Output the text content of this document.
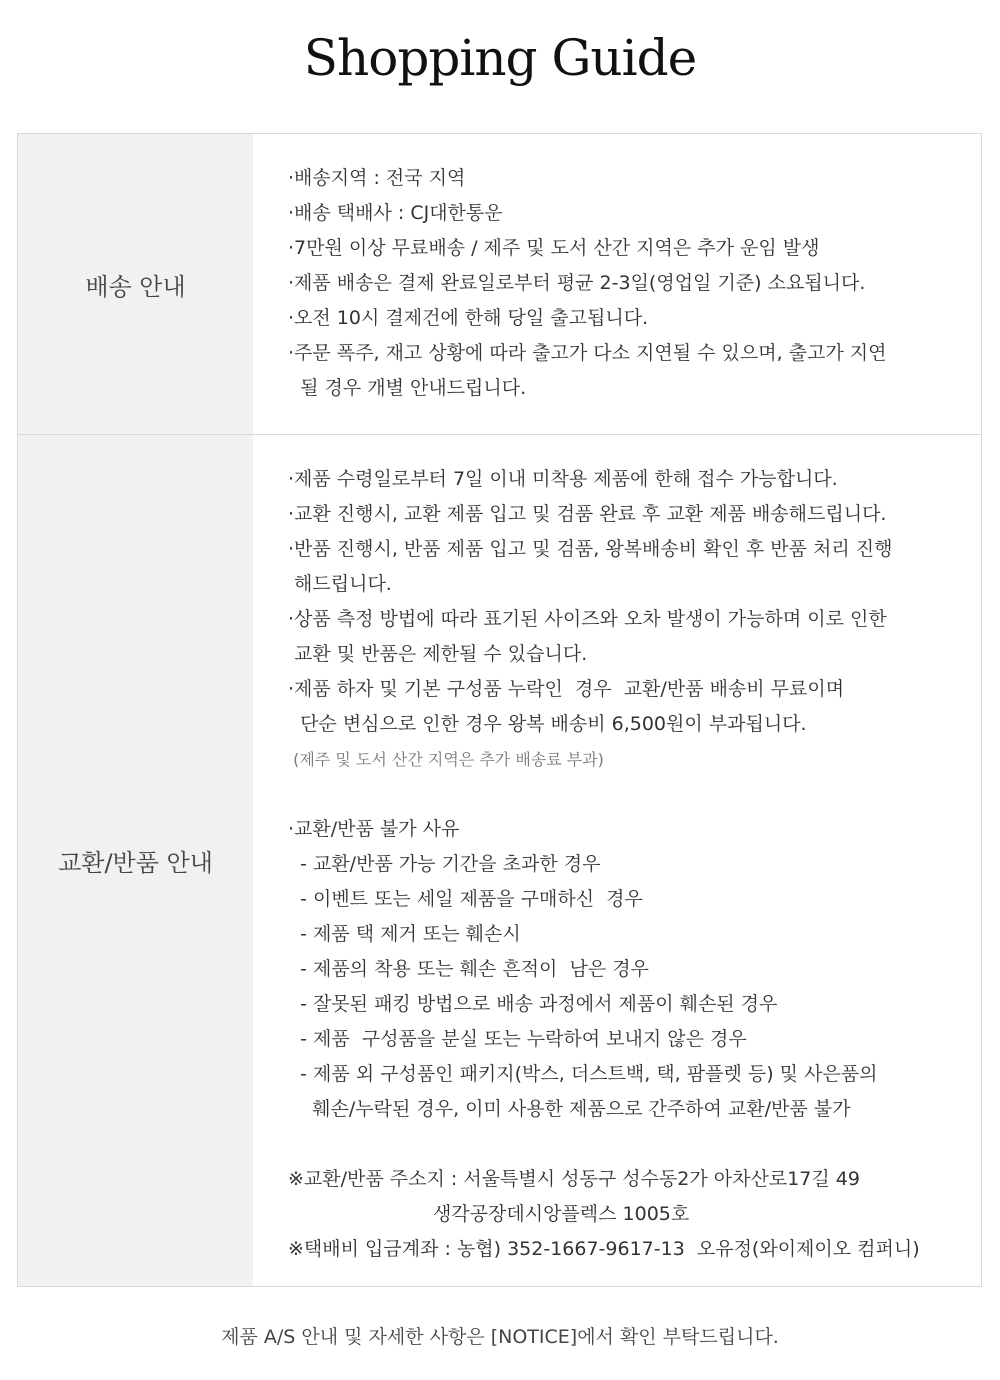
Shopping Guide
배송 안내
·배송지역 : 전국 지역
·배송 택배사 : CJ대한통운
·7만원 이상 무료배송 / 제주 및 도서 산간 지역은 추가 운임 발생
·제품 배송은 결제 완료일로부터 평균 2-3일(영업일 기준) 소요됩니다.
·오전 10시 결제건에 한해 당일 출고됩니다.
·주문 폭주, 재고 상황에 따라 출고가 다소 지연될 수 있으며, 출고가 지연
될 경우 개별 안내드립니다.
교환/반품 안내
·제품 수령일로부터 7일 이내 미착용 제품에 한해 접수 가능합니다.
·교환 진행시, 교환 제품 입고 및 검품 완료 후 교환 제품 배송해드립니다.
·반품 진행시, 반품 제품 입고 및 검품, 왕복배송비 확인 후 반품 처리 진행
해드립니다.
·상품 측정 방법에 따라 표기된 사이즈와 오차 발생이 가능하며 이로 인한
교환 및 반품은 제한될 수 있습니다.
·제품 하자 및 기본 구성품 누락인  경우  교환/반품 배송비 무료이며
단순 변심으로 인한 경우 왕복 배송비 6,500원이 부과됩니다.
(제주 및 도서 산간 지역은 추가 배송료 부과)
·교환/반품 불가 사유
- 교환/반품 가능 기간을 초과한 경우
- 이벤트 또는 세일 제품을 구매하신  경우
- 제품 택 제거 또는 훼손시
- 제품의 착용 또는 훼손 흔적이  남은 경우
- 잘못된 패킹 방법으로 배송 과정에서 제품이 훼손된 경우
- 제품  구성품을 분실 또는 누락하여 보내지 않은 경우
- 제품 외 구성품인 패키지(박스, 더스트백, 택, 팜플렛 등) 및 사은품의
훼손/누락된 경우, 이미 사용한 제품으로 간주하여 교환/반품 불가
※교환/반품 주소지 : 서울특별시 성동구 성수동2가 아차산로17길 49
생각공장데시앙플렉스 1005호
※택배비 입금계좌 : 농협) 352-1667-9617-13  오유정(와이제이오 컴퍼니)
제품 A/S 안내 및 자세한 사항은 [NOTICE]에서 확인 부탁드립니다.
